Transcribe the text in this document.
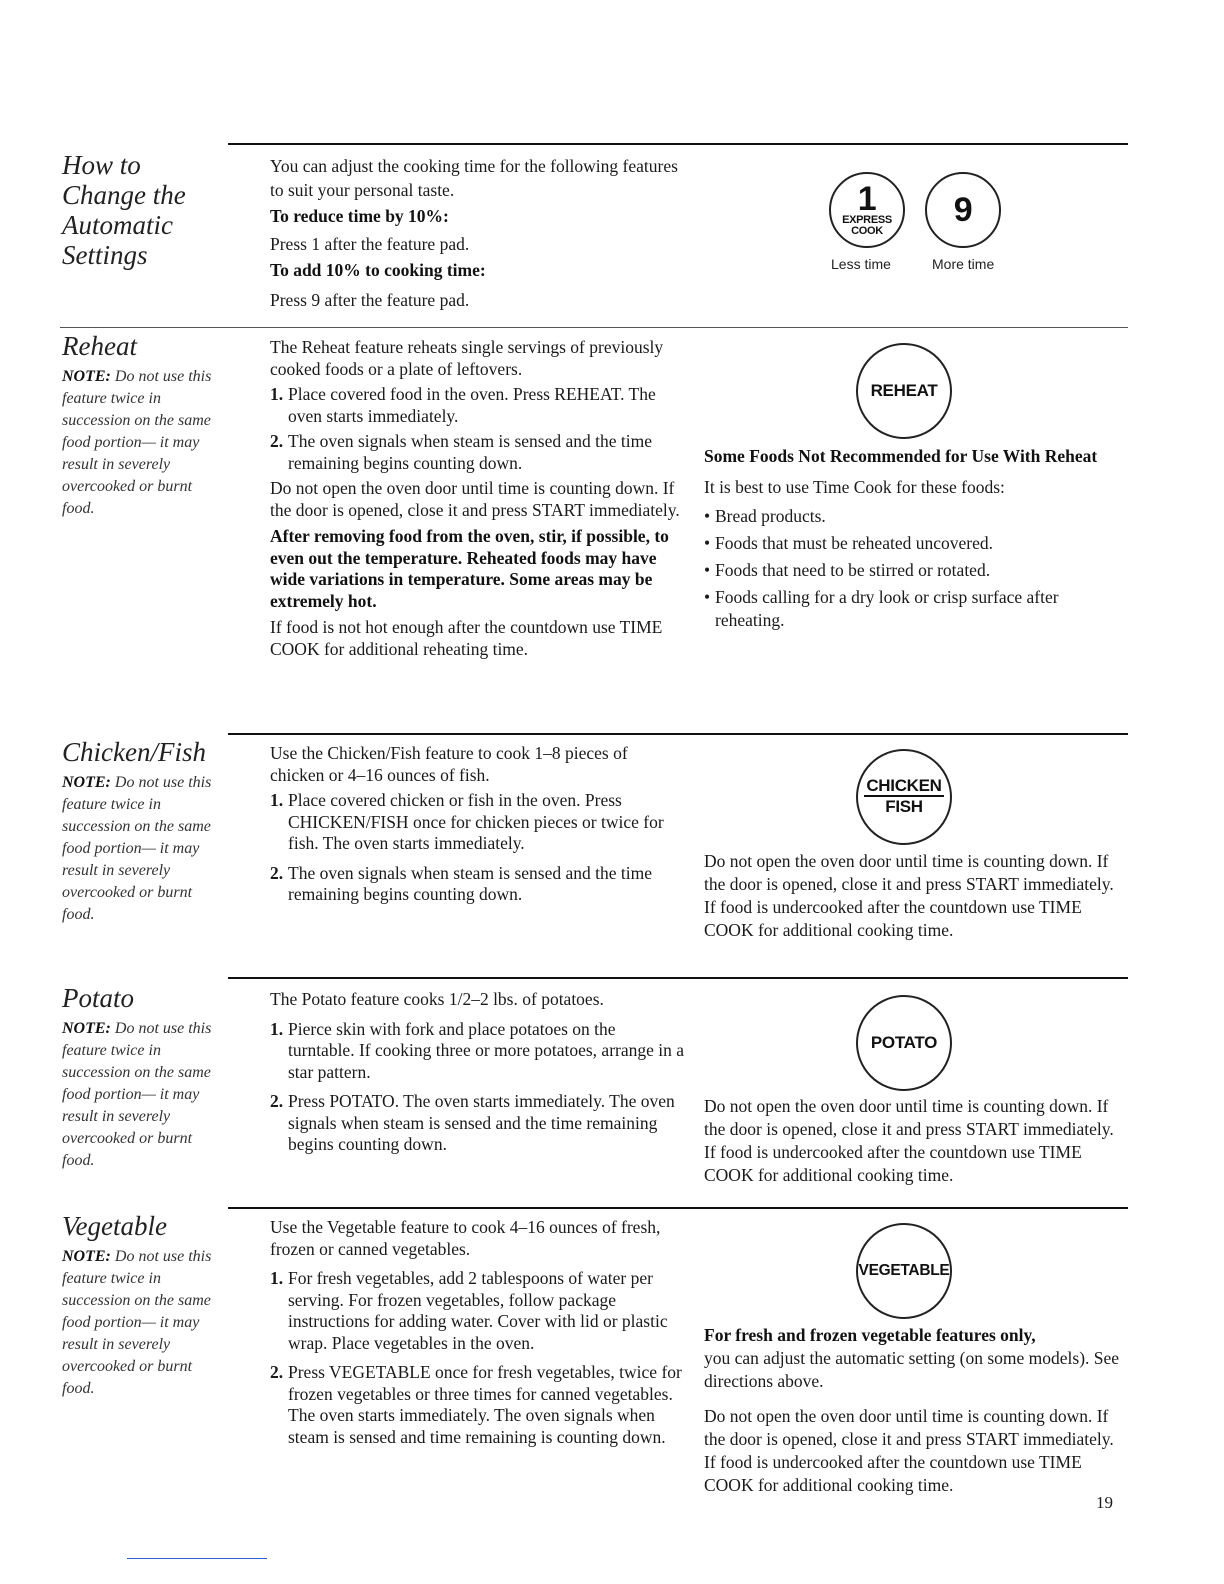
How to
Change the
Automatic
Settings

You can adjust the cooking time for the following features to suit your personal taste.

To reduce time by 10%:

Press 1 after the feature pad.

To add 10% to cooking time:

Press 9 after the feature pad.

1
EXPRESS
COOK
9
Less time	More time
Reheat

NOTE: Do not use this feature twice in succession on the same food portion— it may result in severely overcooked or burnt food.

The Reheat feature reheats single servings of previously cooked foods or a plate of leftovers.

1. Place covered food in the oven. Press REHEAT. The oven starts immediately.
2. The oven signals when steam is sensed and the time remaining begins counting down.

Do not open the oven door until time is counting down. If the door is opened, close it and press START immediately.

After removing food from the oven, stir, if possible, to even out the temperature. Reheated foods may have wide variations in temperature. Some areas may be extremely hot.

If food is not hot enough after the countdown use TIME COOK for additional reheating time.

REHEAT

Some Foods Not Recommended for Use With Reheat

It is best to use Time Cook for these foods:

• Bread products.
• Foods that must be reheated uncovered.
• Foods that need to be stirred or rotated.
• Foods calling for a dry look or crisp surface after reheating.
Chicken/Fish

NOTE: Do not use this feature twice in succession on the same food portion— it may result in severely overcooked or burnt food.

Use the Chicken/Fish feature to cook 1–8 pieces of chicken or 4–16 ounces of fish.

1. Place covered chicken or fish in the oven. Press CHICKEN/FISH once for chicken pieces or twice for fish. The oven starts immediately.
2. The oven signals when steam is sensed and the time remaining begins counting down.
CHICKEN
FISH

Do not open the oven door until time is counting down. If the door is opened, close it and press START immediately. If food is undercooked after the countdown use TIME COOK for additional cooking time.

Potato

NOTE: Do not use this feature twice in succession on the same food portion— it may result in severely overcooked or burnt food.

The Potato feature cooks 1/2–2 lbs. of potatoes.

1. Pierce skin with fork and place potatoes on the turntable. If cooking three or more potatoes, arrange in a star pattern.
2. Press POTATO. The oven starts immediately. The oven signals when steam is sensed and the time remaining begins counting down.
POTATO

Do not open the oven door until time is counting down. If the door is opened, close it and press START immediately. If food is undercooked after the countdown use TIME COOK for additional cooking time.

Vegetable

NOTE: Do not use this feature twice in succession on the same food portion— it may result in severely overcooked or burnt food.

Use the Vegetable feature to cook 4–16 ounces of fresh, frozen or canned vegetables.

1. For fresh vegetables, add 2 tablespoons of water per serving. For frozen vegetables, follow package instructions for adding water. Cover with lid or plastic wrap. Place vegetables in the oven.
2. Press VEGETABLE once for fresh vegetables, twice for frozen vegetables or three times for canned vegetables. The oven starts immediately. The oven signals when steam is sensed and time remaining is counting down.
VEGETABLE

For fresh and frozen vegetable features only,

you can adjust the automatic setting (on some models). See directions above.

Do not open the oven door until time is counting down. If the door is opened, close it and press START immediately. If food is undercooked after the countdown use TIME COOK for additional cooking time.

19
